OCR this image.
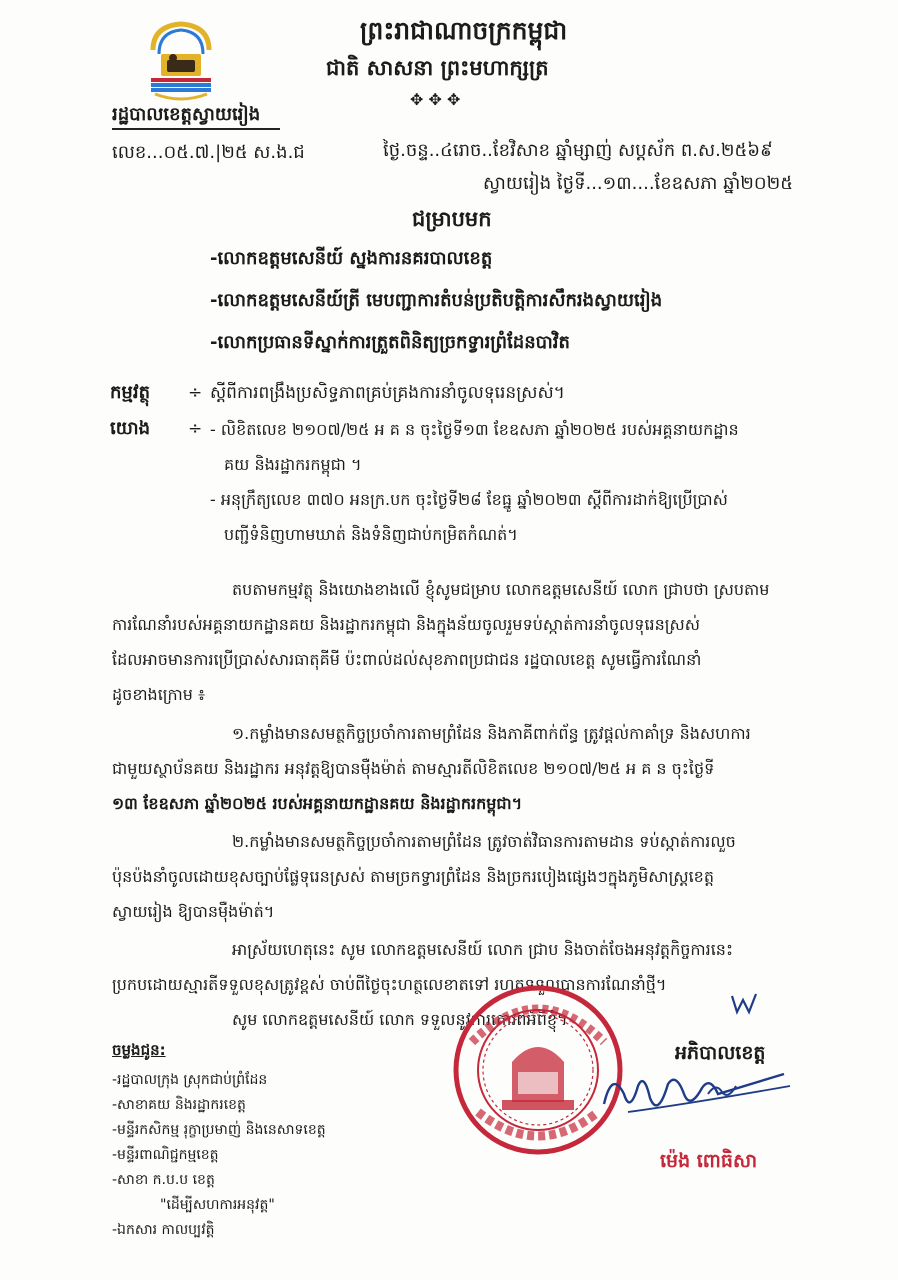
ព្រះរាជាណាចក្រកម្ពុជា
ជាតិ សាសនា ព្រះមហាក្សត្រ
✥ ✥ ✥
រដ្ឋបាលខេត្តស្វាយរៀង
លេខ...០៥.៧.|២៥ ស.ង.ជ	ថ្ងៃ.ចន្ទ..៤រោច..ខែវិសាខ ឆ្នាំម្សាញ់ សប្តស័ក ព.ស.២៥៦៩
ស្វាយរៀង ថ្ងៃទី...១៣....ខែឧសភា ឆ្នាំ២០២៥
ជម្រាបមក
-លោកឧត្តមសេនីយ៍ ស្នងការនគរបាលខេត្ត
-លោកឧត្តមសេនីយ៍ត្រី មេបញ្ជាការតំបន់ប្រតិបត្តិការសឹករងស្វាយរៀង
-លោកប្រធានទីស្នាក់ការត្រួតពិនិត្យច្រកទ្វារព្រំដែនបាវិត
កម្មវត្ថុ ÷ ស្តីពីការពង្រឹងប្រសិទ្ធភាពគ្រប់គ្រងការនាំចូលទុរេនស្រស់។
យោង ÷ - លិខិតលេខ ២១០៧/២៥ អ គ ន ចុះថ្ងៃទី១៣ ខែឧសភា ឆ្នាំ២០២៥ របស់អគ្គនាយកដ្ឋាន
គយ និងរដ្ឋាករកម្ពុជា ។
- អនុក្រឹត្យលេខ ៣៧០ អនក្រ.បក ចុះថ្ងៃទី២៨ ខែធ្នូ ឆ្នាំ២០២៣ ស្តីពីការដាក់ឱ្យប្រើប្រាស់
បញ្ជីទំនិញហាមឃាត់ និងទំនិញជាប់កម្រិតកំណត់។
តបតាមកម្មវត្ថុ និងយោងខាងលើ ខ្ញុំសូមជម្រាប លោកឧត្តមសេនីយ៍ លោក ជ្រាបថា ស្របតាម
ការណែនាំរបស់អគ្គនាយកដ្ឋានគយ និងរដ្ឋាករកម្ពុជា និងក្នុងន័យចូលរួមទប់ស្កាត់ការនាំចូលទុរេនស្រស់
ដែលអាចមានការប្រើប្រាស់សារធាតុគីមី ប៉ះពាល់ដល់សុខភាពប្រជាជន រដ្ឋបាលខេត្ត សូមធ្វើការណែនាំ
ដូចខាងក្រោម ៖
១.កម្លាំងមានសមត្ថកិច្ចប្រចាំការតាមព្រំដែន និងភាគីពាក់ព័ន្ធ ត្រូវផ្តល់កាគាំទ្រ និងសហការ
ជាមួយស្ថាប័នគយ និងរដ្ឋាករ អនុវត្តឱ្យបានម៉ឺងម៉ាត់ តាមស្មារតីលិខិតលេខ ២១០៧/២៥ អ គ ន ចុះថ្ងៃទី
១៣ ខែឧសភា ឆ្នាំ២០២៥ របស់អគ្គនាយកដ្ឋានគយ និងរដ្ឋាករកម្ពុជា។
២.កម្លាំងមានសមត្ថកិច្ចប្រចាំការតាមព្រំដែន ត្រូវចាត់វិធានការតាមដាន ទប់ស្កាត់ការលួច
ប៉ុនប៉ងនាំចូលដោយខុសច្បាប់ផ្លែទុរេនស្រស់ តាមច្រកទ្វារព្រំដែន និងច្រករបៀងផ្សេងៗក្នុងភូមិសាស្ត្រខេត្ត
ស្វាយរៀង ឱ្យបានម៉ឺងម៉ាត់។
អាស្រ័យហេតុនេះ សូម លោកឧត្តមសេនីយ៍ លោក ជ្រាប និងចាត់ចែងអនុវត្តកិច្ចការនេះ
ប្រកបដោយស្មារតីទទួលខុសត្រូវខ្ពស់ ចាប់ពីថ្ងៃចុះហត្ថលេខាតទៅ រហូតទទួលបានការណែនាំថ្មី។
សូម លោកឧត្តមសេនីយ៍ លោក ទទួលនូវការគោរពអំពីខ្ញុំ។
អភិបាលខេត្ត
ម៉េង ពោធិសា
ចម្លងជូន:
-រដ្ឋបាលក្រុង ស្រុកជាប់ព្រំដែន
-សាខាគយ និងរដ្ឋាករខេត្ត
-មន្ទីរកសិកម្ម រុក្ខាប្រមាញ់ និងនេសាទខេត្ត
-មន្ទីរពាណិជ្ជកម្មខេត្ត
-សាខា ក.ប.ប ខេត្ត
"ដើម្បីសហការអនុវត្ត"
-ឯកសារ កាលប្បវត្តិ
